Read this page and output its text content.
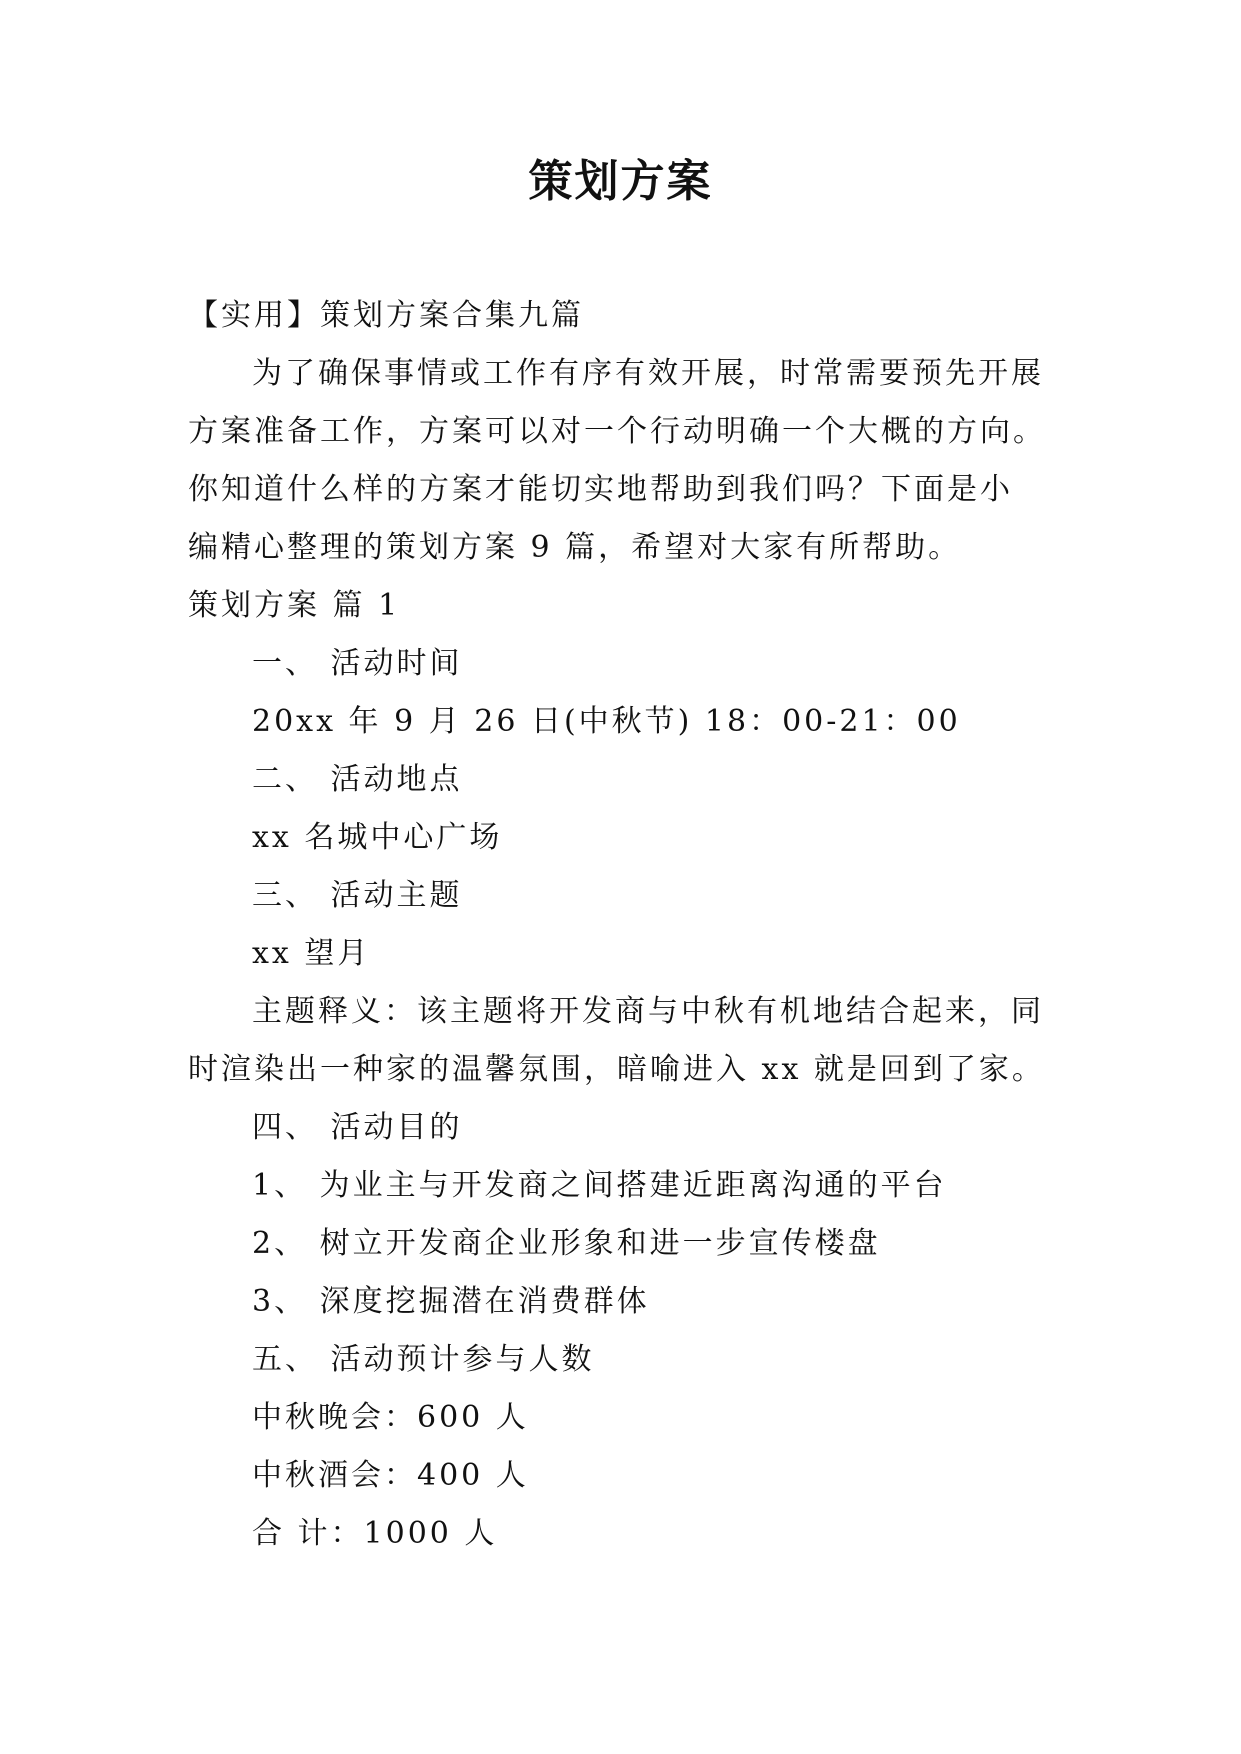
策划方案
【实用】策划方案合集九篇
为了确保事情或工作有序有效开展，时常需要预先开展
方案准备工作，方案可以对一个行动明确一个大概的方向。
你知道什么样的方案才能切实地帮助到我们吗？下面是小
编精心整理的策划方案 9 篇，希望对大家有所帮助。
策划方案 篇 1
一、 活动时间
20xx 年 9 月 26 日(中秋节) 18：00-21：00
二、 活动地点
xx 名城中心广场
三、 活动主题
xx 望月
主题释义：该主题将开发商与中秋有机地结合起来，同
时渲染出一种家的温馨氛围，暗喻进入 xx 就是回到了家。
四、 活动目的
1、 为业主与开发商之间搭建近距离沟通的平台
2、 树立开发商企业形象和进一步宣传楼盘
3、 深度挖掘潜在消费群体
五、 活动预计参与人数
中秋晚会：600 人
中秋酒会：400 人
合 计：1000 人
